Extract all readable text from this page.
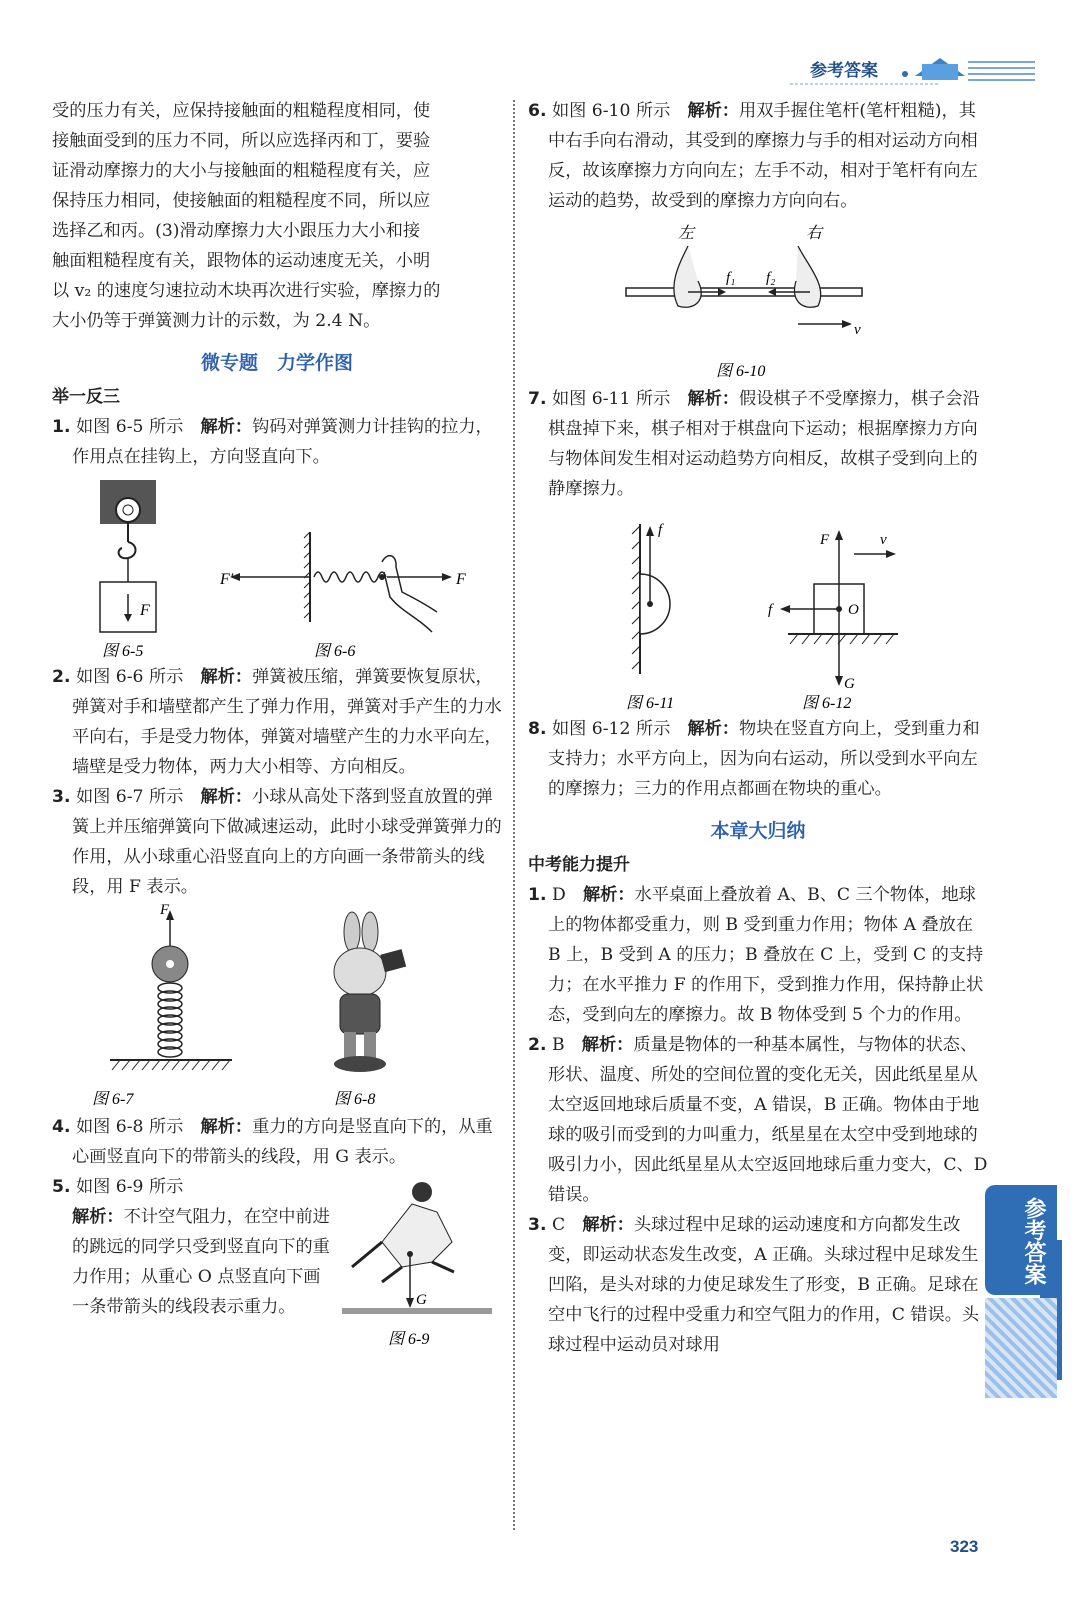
参考答案

受的压力有关，应保持接触面的粗糙程度相同，使

接触面受到的压力不同，所以应选择丙和丁，要验

证滑动摩擦力的大小与接触面的粗糙程度有关，应

保持压力相同，使接触面的粗糙程度不同，所以应

选择乙和丙。(3)滑动摩擦力大小跟压力大小和接

触面粗糙程度有关，跟物体的运动速度无关，小明

以 v₂ 的速度匀速拉动木块再次进行实验，摩擦力的

大小仍等于弹簧测力计的示数，为 2.4 N。

微专题　力学作图

举一反三

1. 如图 6-5 所示　解析：钩码对弹簧测力计挂钩的拉力，作用点在挂钩上，方向竖直向下。

F
F′	F
图 6-5	图 6-6

2. 如图 6-6 所示　解析：弹簧被压缩，弹簧要恢复原状，弹簧对手和墙壁都产生了弹力作用，弹簧对手产生的力水平向右，手是受力物体，弹簧对墙壁产生的力水平向左，墙壁是受力物体，两力大小相等、方向相反。

3. 如图 6-7 所示　解析：小球从高处下落到竖直放置的弹簧上并压缩弹簧向下做减速运动，此时小球受弹簧弹力的作用，从小球重心沿竖直向上的方向画一条带箭头的线段，用 F 表示。

F
图 6-7	图 6-8

4. 如图 6-8 所示　解析：重力的方向是竖直向下的，从重心画竖直向下的带箭头的线段，用 G 表示。

5. 如图 6-9 所示

解析：不计空气阻力，在空中前进的跳远的同学只受到竖直向下的重力作用；从重心 O 点竖直向下画一条带箭头的线段表示重力。	G
图 6-9

6. 如图 6-10 所示　解析：用双手握住笔杆(笔杆粗糙)，其中右手向右滑动，其受到的摩擦力与手的相对运动方向相反，故该摩擦力方向向左；左手不动，相对于笔杆有向左运动的趋势，故受到的摩擦力方向向右。

左	右
f₁ f₂
v
图 6-10

7. 如图 6-11 所示　解析：假设棋子不受摩擦力，棋子会沿棋盘掉下来，棋子相对于棋盘向下运动；根据摩擦力方向与物体间发生相对运动趋势方向相反，故棋子受到向上的静摩擦力。

f
F
G
f	O
v
图 6-11	图 6-12

8. 如图 6-12 所示　解析：物块在竖直方向上，受到重力和支持力；水平方向上，因为向右运动，所以受到水平向左的摩擦力；三力的作用点都画在物块的重心。

本章大归纳

中考能力提升

1. D　解析：水平桌面上叠放着 A、B、C 三个物体，地球上的物体都受重力，则 B 受到重力作用；物体 A 叠放在 B 上，B 受到 A 的压力；B 叠放在 C 上，受到 C 的支持力；在水平推力 F 的作用下，受到推力作用，保持静止状态，受到向左的摩擦力。故 B 物体受到 5 个力的作用。

2. B　解析：质量是物体的一种基本属性，与物体的状态、形状、温度、所处的空间位置的变化无关，因此纸星星从太空返回地球后质量不变，A 错误，B 正确。物体由于地球的吸引而受到的力叫重力，纸星星在太空中受到地球的吸引力小，因此纸星星从太空返回地球后重力变大，C、D 错误。

3. C　解析：头球过程中足球的运动速度和方向都发生改变，即运动状态发生改变，A 正确。头球过程中足球发生凹陷，是头对球的力使足球发生了形变，B 正确。足球在空中飞行的过程中受重力和空气阻力的作用，C 错误。头球过程中运动员对球用

参考答案
323
